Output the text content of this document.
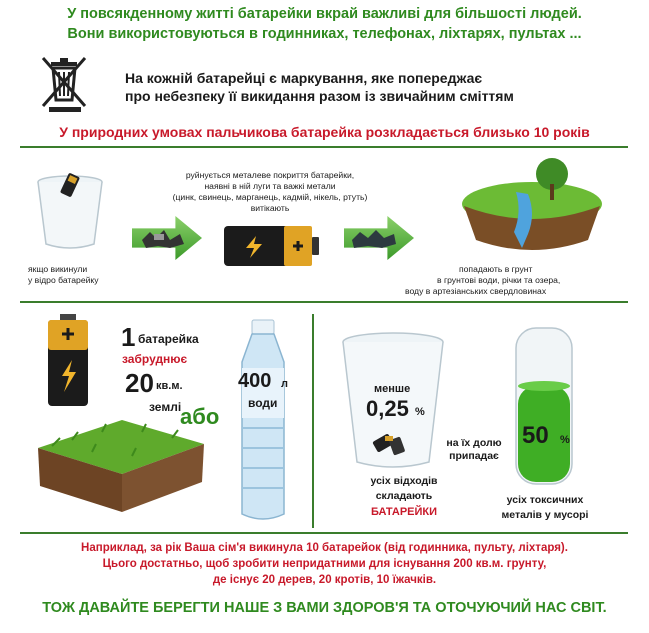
У повсякденному житті батарейки вкрай важливі для більшості людей.
Вони використовуються в годинниках, телефонах, ліхтарях, пультах ...
На кожній батарейці є маркування, яке попереджає
про небезпеку її викидання разом із звичайним сміттям
У природних умовах пальчикова батарейка розкладається близько 10 років
якщо викинули
у відро батарейку
руйнується металеве покриття батарейки,
наявні в ній луги та важкі метали
(цинк, свинець, марганець, кадмій, нікель, ртуть)
витікають
попадають в грунт
в грунтові води, річки та озера,
воду в артезіанських свердловинах
1 батарейка
забруднює
20 кв.м.
землі
або
400 л
води
менше
0,25 %
усіх відходів
складають
БАТАРЕЙКИ
на їх долю
припадає
50 %
усіх токсичних
металів у мусорі
Наприклад, за рік Ваша сім'я викинула 10 батарейок (від годинника, пульту, ліхтаря).
Цього достатньо, щоб зробити непридатними для існування 200 кв.м. грунту,
де існує 20 дерев, 20 кротів, 10 їжачків.
ТОЖ ДАВАЙТЕ БЕРЕГТИ НАШЕ З ВАМИ ЗДОРОВ'Я ТА ОТОЧУЮЧИЙ НАС СВІТ.
